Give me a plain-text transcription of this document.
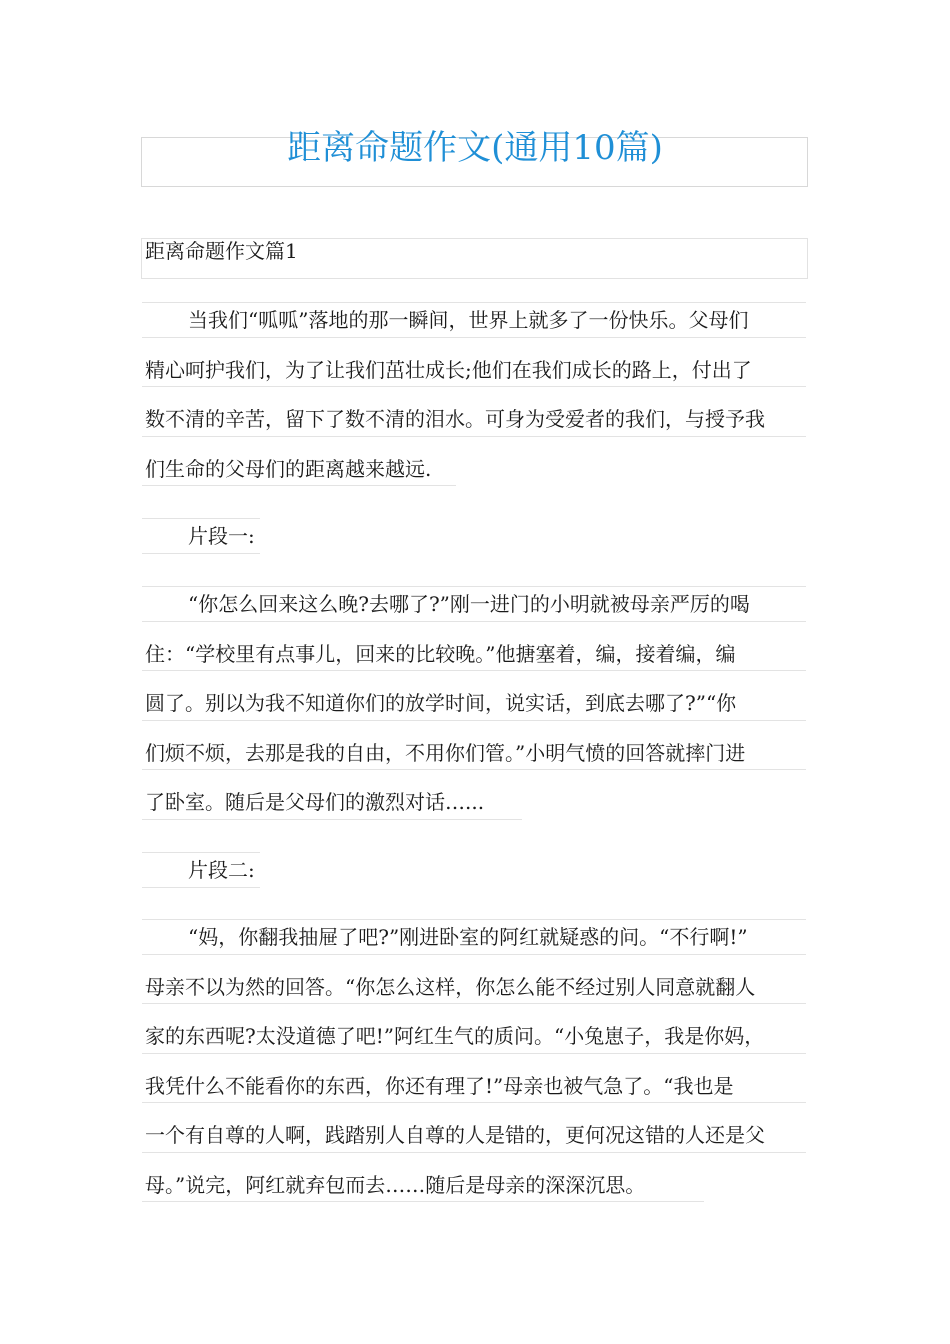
距离命题作文(通用10篇)
距离命题作文篇1
当我们“呱呱”落地的那一瞬间，世界上就多了一份快乐。父母们
精心呵护我们，为了让我们茁壮成长;他们在我们成长的路上，付出了
数不清的辛苦，留下了数不清的泪水。可身为受爱者的我们，与授予我
们生命的父母们的距离越来越远.
片段一:
“你怎么回来这么晚?去哪了?”刚一进门的小明就被母亲严厉的喝
住：“学校里有点事儿，回来的比较晚。”他搪塞着，编，接着编，编
圆了。别以为我不知道你们的放学时间，说实话，到底去哪了?”“你
们烦不烦，去那是我的自由，不用你们管。”小明气愤的回答就摔门进
了卧室。随后是父母们的激烈对话…...
片段二:
“妈，你翻我抽屉了吧?”刚进卧室的阿红就疑惑的问。“不行啊!”
母亲不以为然的回答。“你怎么这样，你怎么能不经过别人同意就翻人
家的东西呢?太没道德了吧!”阿红生气的质问。“小兔崽子，我是你妈，
我凭什么不能看你的东西，你还有理了!”母亲也被气急了。“我也是
一个有自尊的人啊，践踏别人自尊的人是错的，更何况这错的人还是父
母。”说完，阿红就弃包而去……随后是母亲的深深沉思。
